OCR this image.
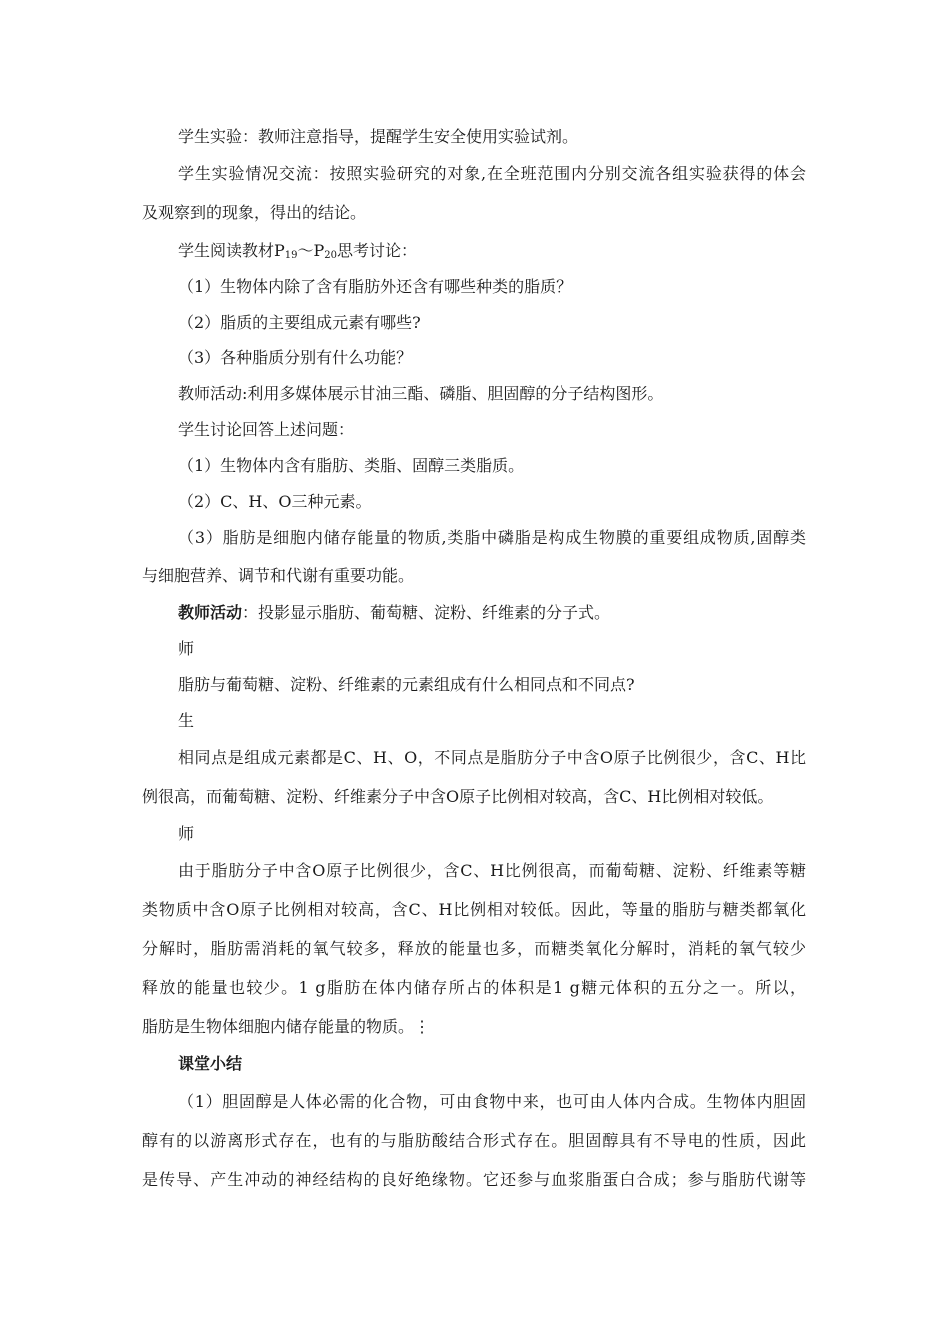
学生实验：教师注意指导，提醒学生安全使用实验试剂。
学生实验情况交流：按照实验研究的对象,在全班范围内分别交流各组实验获得的体会
及观察到的现象，得出的结论。
学生阅读教材$P_{19}\sim P_{20}$思考讨论：
（1）生物体内除了含有脂肪外还含有哪些种类的脂质？
（2）脂质的主要组成元素有哪些?
（3）各种脂质分别有什么功能？
教师活动:利用多媒体展示甘油三酯、磷脂、胆固醇的分子结构图形。
学生讨论回答上述问题：
（1）生物体内含有脂肪、类脂、固醇三类脂质。
（2）C、H、O三种元素。
（3）脂肪是细胞内储存能量的物质,类脂中磷脂是构成生物膜的重要组成物质,固醇类
与细胞营养、调节和代谢有重要功能。
教师活动：投影显示脂肪、葡萄糖、淀粉、纤维素的分子式。
师
脂肪与葡萄糖、淀粉、纤维素的元素组成有什么相同点和不同点?
生
相同点是组成元素都是C、H、O，不同点是脂肪分子中含O原子比例很少，含C、H比
例很高，而葡萄糖、淀粉、纤维素分子中含O原子比例相对较高，含C、H比例相对较低。
师
由于脂肪分子中含O原子比例很少，含C、H比例很高，而葡萄糖、淀粉、纤维素等糖
类物质中含O原子比例相对较高，含C、H比例相对较低。因此，等量的脂肪与糖类都氧化
分解时，脂肪需消耗的氧气较多，释放的能量也多，而糖类氧化分解时，消耗的氧气较少
释放的能量也较少。1 g脂肪在体内储存所占的体积是1 g糖元体积的五分之一。所以，
脂肪是生物体细胞内储存能量的物质。⋮
课堂小结
（1）胆固醇是人体必需的化合物，可由食物中来，也可由人体内合成。生物体内胆固
醇有的以游离形式存在，也有的与脂肪酸结合形式存在。胆固醇具有不导电的性质，因此
是传导、产生冲动的神经结构的良好绝缘物。它还参与血浆脂蛋白合成；参与脂肪代谢等
